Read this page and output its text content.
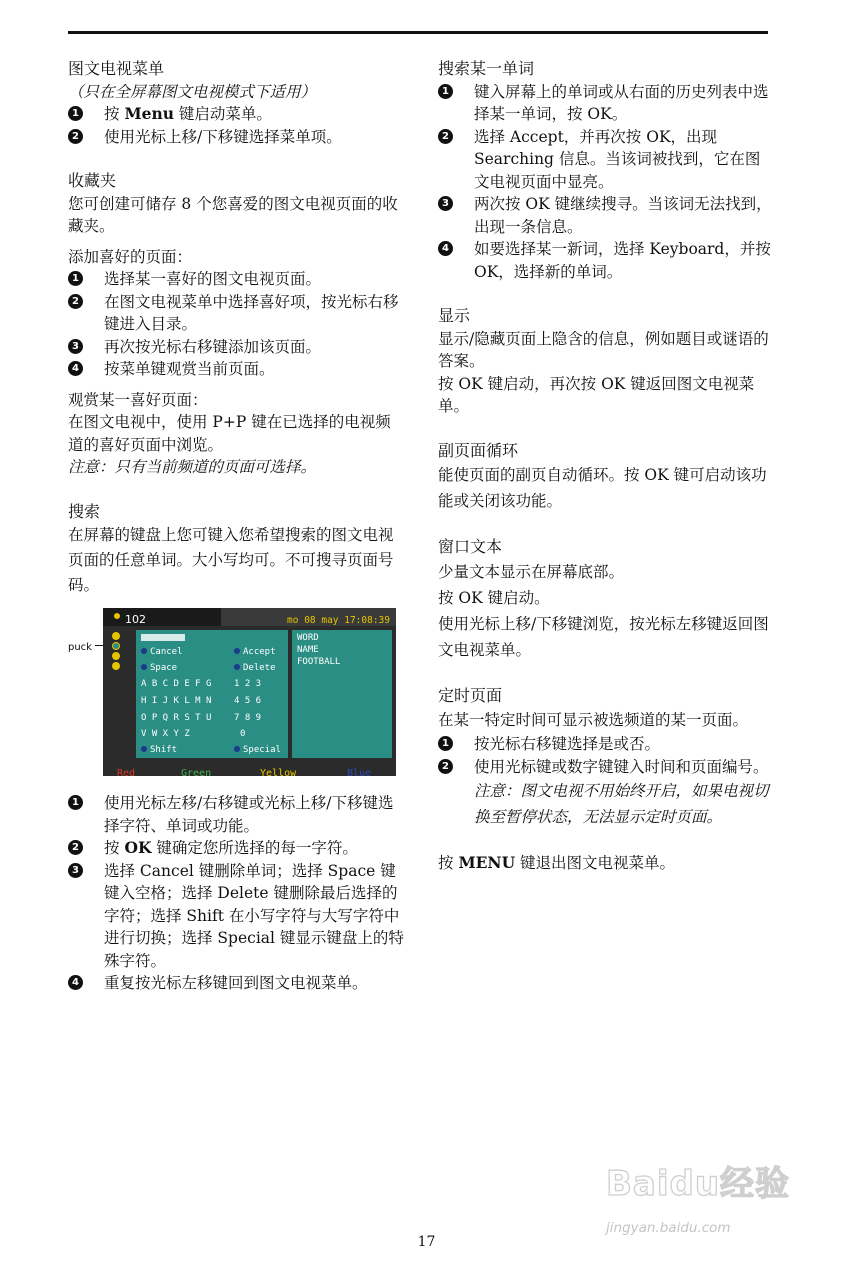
图文电视菜单

（只在全屏幕图文电视模式下适用）

1 按 Menu 键启动菜单。
2 使用光标上移/下移键选择菜单项。

收藏夹

您可创建可储存 8 个您喜爱的图文电视页面的收藏夹。

添加喜好的页面：

1 选择某一喜好的图文电视页面。
2 在图文电视菜单中选择喜好项，按光标右移键进入目录。
3 再次按光标右移键添加该页面。
4 按菜单键观赏当前页面。

观赏某一喜好页面：

在图文电视中，使用 P+P 键在已选择的电视频道的喜好页面中浏览。

注意：只有当前频道的页面可选择。

搜索

在屏幕的键盘上您可键入您希望搜索的图文电视页面的任意单词。大小写均可。不可搜寻页面号码。

puck
102	mo 08 may 17:08:39
Cancel	Accept
Space	Delete
A B C D E F G	1 2 3
H I J K L M N	4 5 6
O P Q R S T U	7 8 9
V W X Y Z	0
Shift	Special
WORD
NAME
FOOTBALL
Red	Green	Yellow	Blue
1 使用光标左移/右移键或光标上移/下移键选择字符、单词或功能。
2 按 OK 键确定您所选择的每一字符。
3 选择 Cancel 键删除单词；选择 Space 键键入空格；选择 Delete 键删除最后选择的字符；选择 Shift 在小写字符与大写字符中进行切换；选择 Special 键显示键盘上的特殊字符。
4 重复按光标左移键回到图文电视菜单。

搜索某一单词

1 键入屏幕上的单词或从右面的历史列表中选择某一单词，按 OK。
2 选择 Accept，并再次按 OK，出现 Searching 信息。当该词被找到，它在图文电视页面中显亮。
3 两次按 OK 键继续搜寻。当该词无法找到，出现一条信息。
4 如要选择某一新词，选择 Keyboard，并按 OK，选择新的单词。

显示

显示/隐藏页面上隐含的信息，例如题目或谜语的答案。

按 OK 键启动，再次按 OK 键返回图文电视菜单。

副页面循环

能使页面的副页自动循环。按 OK 键可启动该功能或关闭该功能。

窗口文本

少量文本显示在屏幕底部。

按 OK 键启动。

使用光标上移/下移键浏览，按光标左移键返回图文电视菜单。

定时页面

在某一特定时间可显示被选频道的某一页面。

1 按光标右移键选择是或否。
2 使用光标键或数字键键入时间和页面编号。

注意：图文电视不用始终开启，如果电视切换至暂停状态，无法显示定时页面。

按 MENU 键退出图文电视菜单。

Baidu经验
jingyan.baidu.com
17
